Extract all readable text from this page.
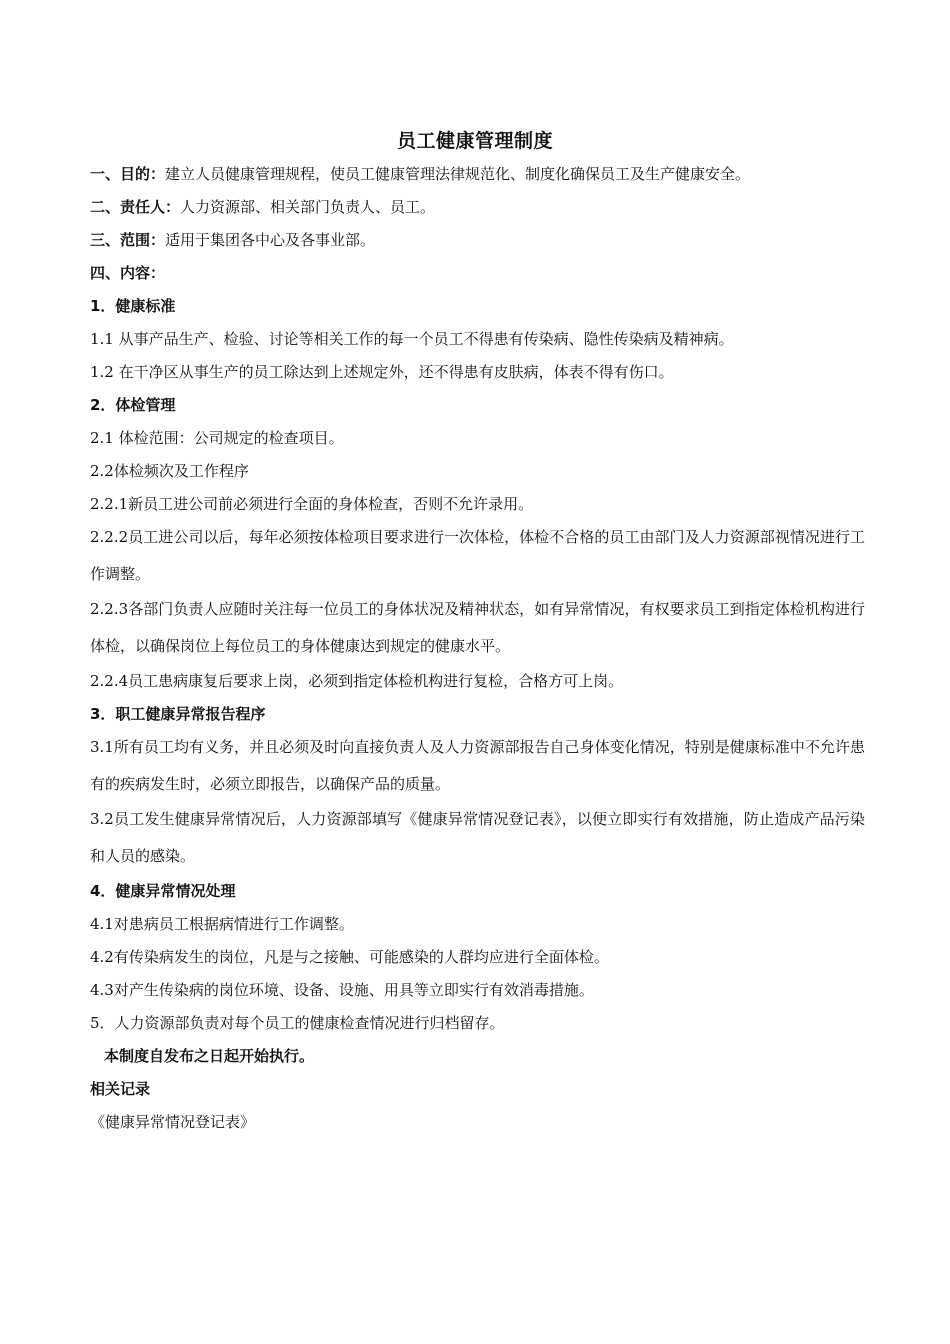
员工健康管理制度
一、目的：建立人员健康管理规程，使员工健康管理法律规范化、制度化确保员工及生产健康安全。
二、责任人：人力资源部、相关部门负责人、员工。
三、范围：适用于集团各中心及各事业部。
四、内容：
1．健康标准
1.1 从事产品生产、检验、讨论等相关工作的每一个员工不得患有传染病、隐性传染病及精神病。
1.2 在干净区从事生产的员工除达到上述规定外，还不得患有皮肤病，体表不得有伤口。
2．体检管理
2.1 体检范围：公司规定的检查项目。
2.2体检频次及工作程序
2.2.1新员工进公司前必须进行全面的身体检查，否则不允许录用。
2.2.2员工进公司以后，每年必须按体检项目要求进行一次体检，体检不合格的员工由部门及人力资源部视情况进行工作调整。
2.2.3各部门负责人应随时关注每一位员工的身体状况及精神状态，如有异常情况，有权要求员工到指定体检机构进行体检，以确保岗位上每位员工的身体健康达到规定的健康水平。
2.2.4员工患病康复后要求上岗，必须到指定体检机构进行复检，合格方可上岗。
3．职工健康异常报告程序
3.1所有员工均有义务，并且必须及时向直接负责人及人力资源部报告自己身体变化情况，特别是健康标准中不允许患有的疾病发生时，必须立即报告，以确保产品的质量。
3.2员工发生健康异常情况后，人力资源部填写《健康异常情况登记表》，以便立即实行有效措施，防止造成产品污染和人员的感染。
4．健康异常情况处理
4.1对患病员工根据病情进行工作调整。
4.2有传染病发生的岗位，凡是与之接触、可能感染的人群均应进行全面体检。
4.3对产生传染病的岗位环境、设备、设施、用具等立即实行有效消毒措施。
5．人力资源部负责对每个员工的健康检查情况进行归档留存。
本制度自发布之日起开始执行。
相关记录
《健康异常情况登记表》
